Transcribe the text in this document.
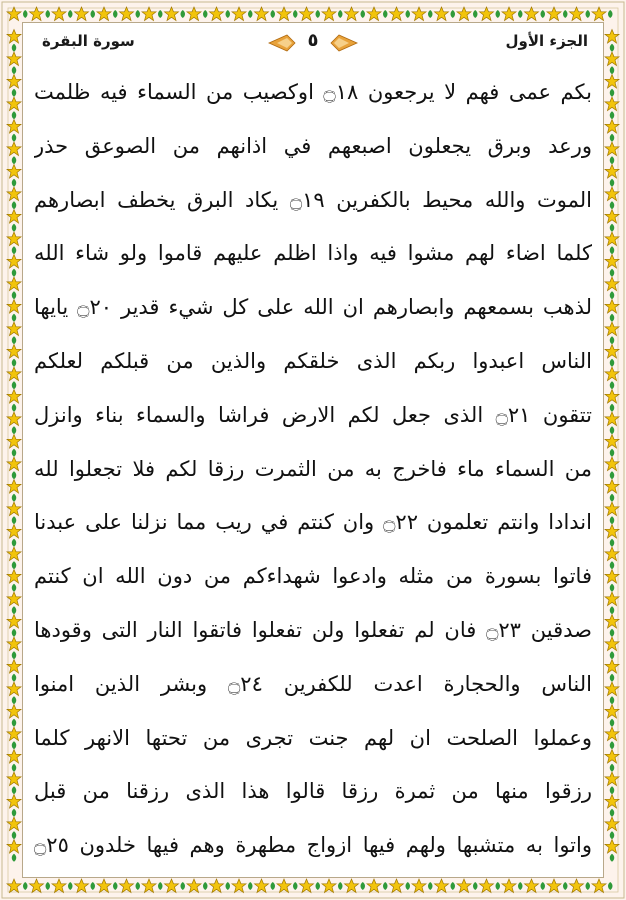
سورة البقرة	٥	الجزء الأول
بكم عمى فهم لا يرجعون ۝١٨ اوكصيب من السماء فيه ظلمت
ورعد وبرق يجعلون اصبعهم في اذانهم من الصوعق حذر
الموت والله محيط بالكفرين ۝١٩ يكاد البرق يخطف ابصارهم
كلما اضاء لهم مشوا فيه واذا اظلم عليهم قاموا ولو شاء الله
لذهب بسمعهم وابصارهم ان الله على كل شيء قدير ۝٢٠ يايها
الناس اعبدوا ربكم الذى خلقكم والذين من قبلكم لعلكم
تتقون ۝٢١ الذى جعل لكم الارض فراشا والسماء بناء وانزل
من السماء ماء فاخرج به من الثمرت رزقا لكم فلا تجعلوا لله
اندادا وانتم تعلمون ۝٢٢ وان كنتم في ريب مما نزلنا على عبدنا
فاتوا بسورة من مثله وادعوا شهداءكم من دون الله ان كنتم
صدقين ۝٢٣ فان لم تفعلوا ولن تفعلوا فاتقوا النار التى وقودها
الناس والحجارة اعدت للكفرين ۝٢٤ وبشر الذين امنوا
وعملوا الصلحت ان لهم جنت تجرى من تحتها الانهر كلما
رزقوا منها من ثمرة رزقا قالوا هذا الذى رزقنا من قبل
واتوا به متشبها ولهم فيها ازواج مطهرة وهم فيها خلدون ۝٢٥
